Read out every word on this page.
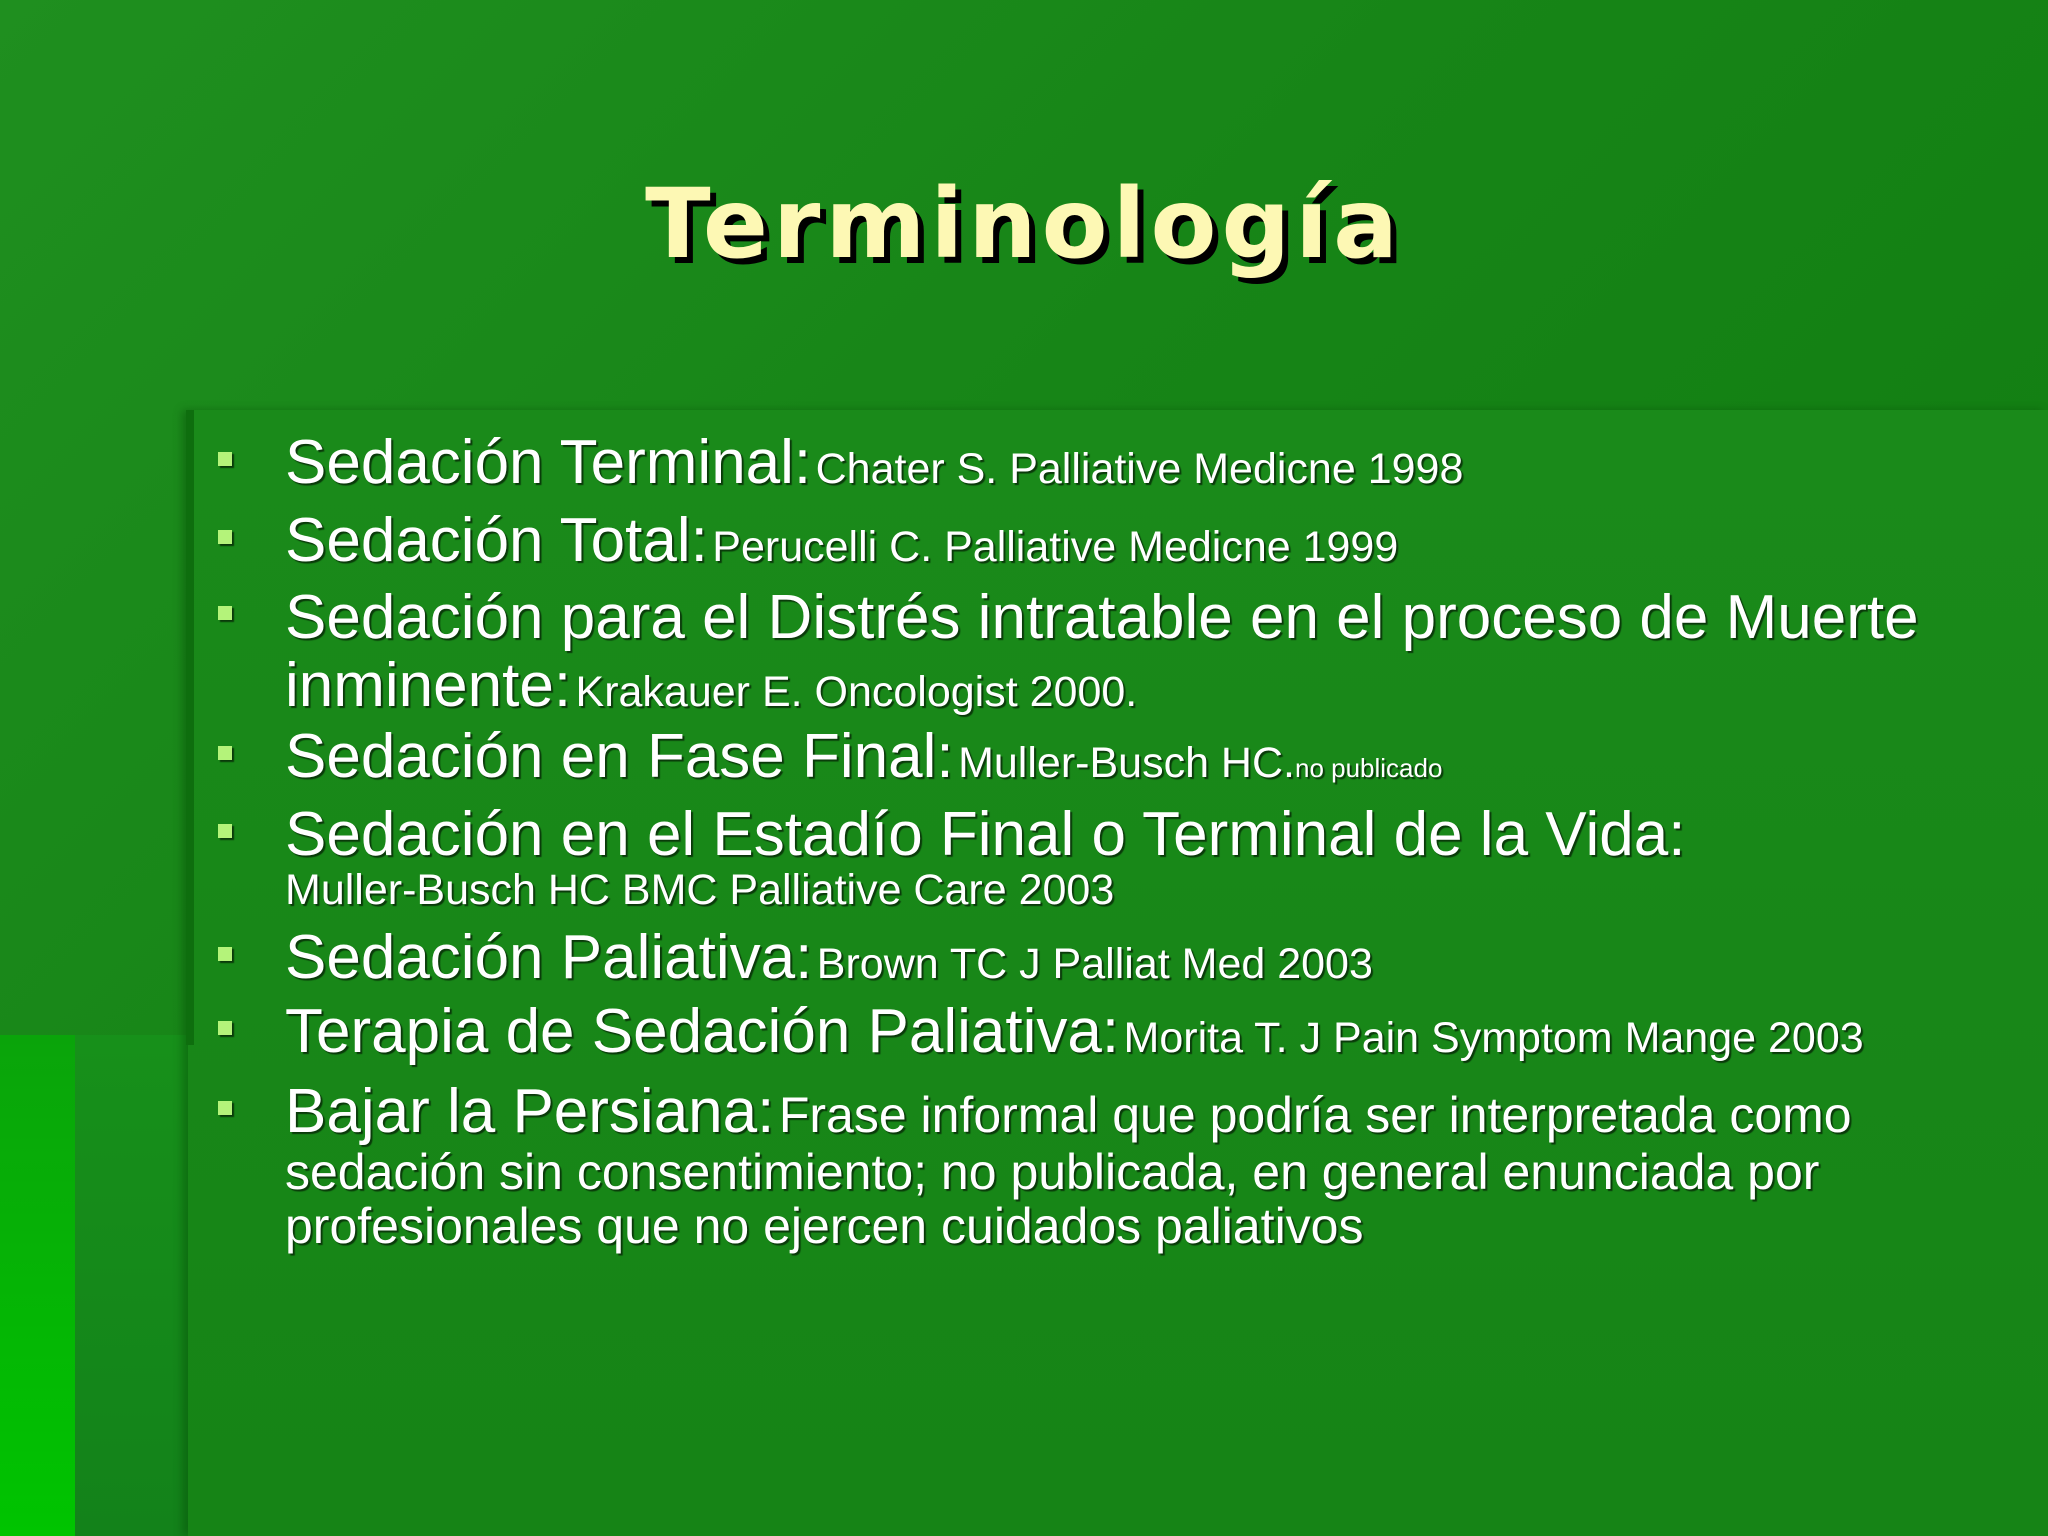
Terminología
Sedación Terminal: Chater S. Palliative Medicne 1998
Sedación Total: Perucelli C. Palliative Medicne 1999
Sedación para el Distrés intratable en el proceso de Muerte inminente: Krakauer E. Oncologist 2000.
Sedación en Fase Final: Muller-Busch HC.no publicado
Sedación en el Estadío Final o Terminal de la Vida:
Muller-Busch HC BMC Palliative Care 2003
Sedación Paliativa: Brown TC J Palliat Med 2003
Terapia de Sedación Paliativa: Morita T. J Pain Symptom Mange 2003
Bajar la Persiana: Frase informal que podría ser interpretada como sedación sin consentimiento; no publicada, en general enunciada por profesionales que no ejercen cuidados paliativos
